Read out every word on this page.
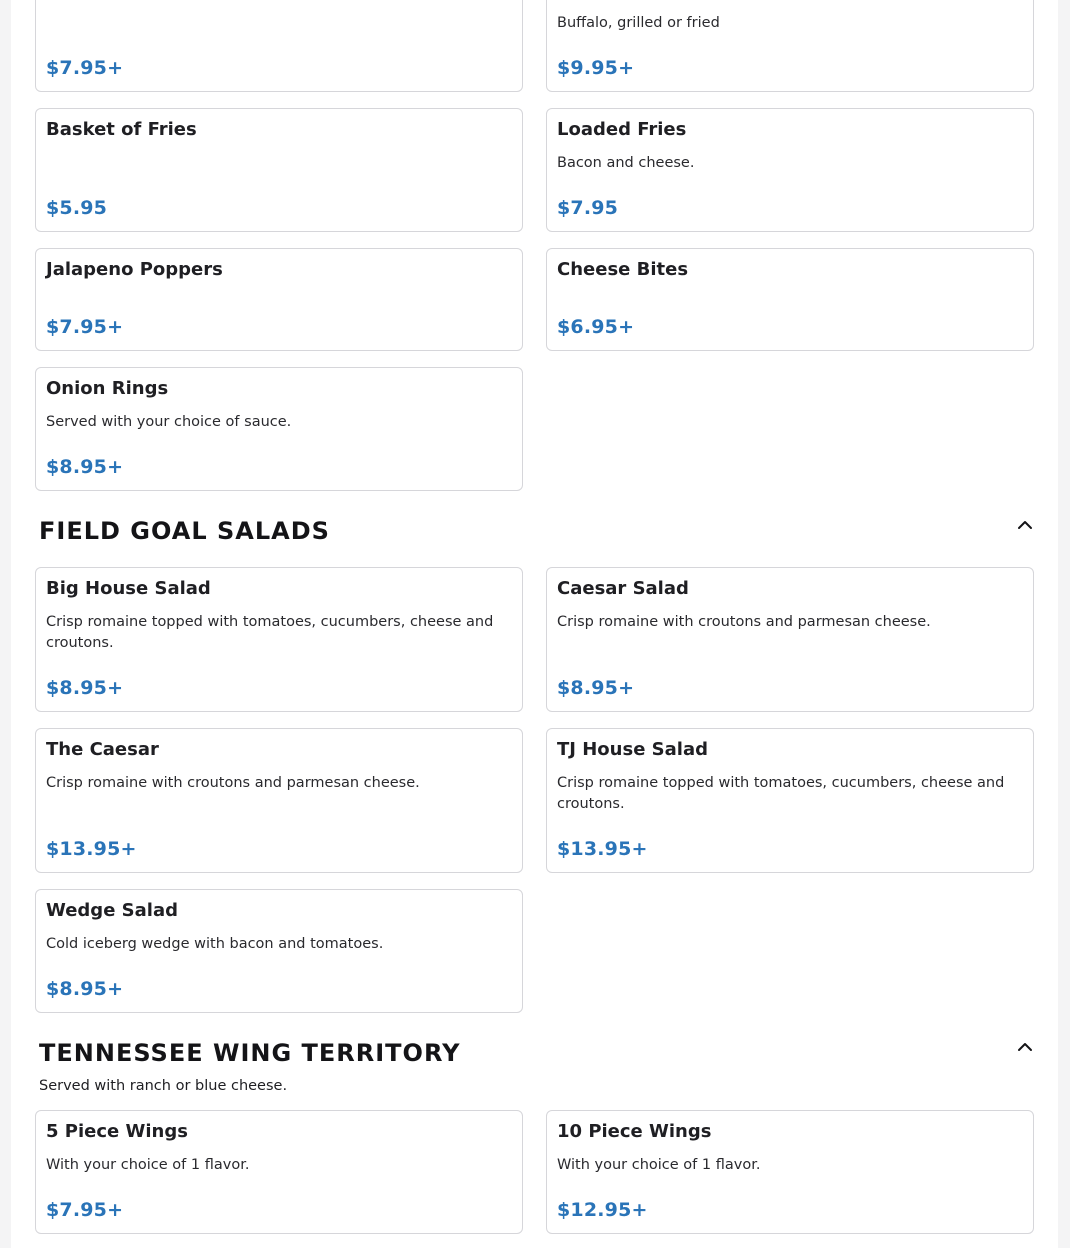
$7.95+
Buffalo, grilled or fried
$9.95+
Basket of Fries
$5.95
Loaded Fries
Bacon and cheese.
$7.95
Jalapeno Poppers
$7.95+
Cheese Bites
$6.95+
Onion Rings
Served with your choice of sauce.
$8.95+
FIELD GOAL SALADS
Big House Salad
Crisp romaine topped with tomatoes, cucumbers, cheese and croutons.
$8.95+
Caesar Salad
Crisp romaine with croutons and parmesan cheese.
$8.95+
The Caesar
Crisp romaine with croutons and parmesan cheese.
$13.95+
TJ House Salad
Crisp romaine topped with tomatoes, cucumbers, cheese and croutons.
$13.95+
Wedge Salad
Cold iceberg wedge with bacon and tomatoes.
$8.95+
TENNESSEE WING TERRITORY
Served with ranch or blue cheese.
5 Piece Wings
With your choice of 1 flavor.
$7.95+
10 Piece Wings
With your choice of 1 flavor.
$12.95+
